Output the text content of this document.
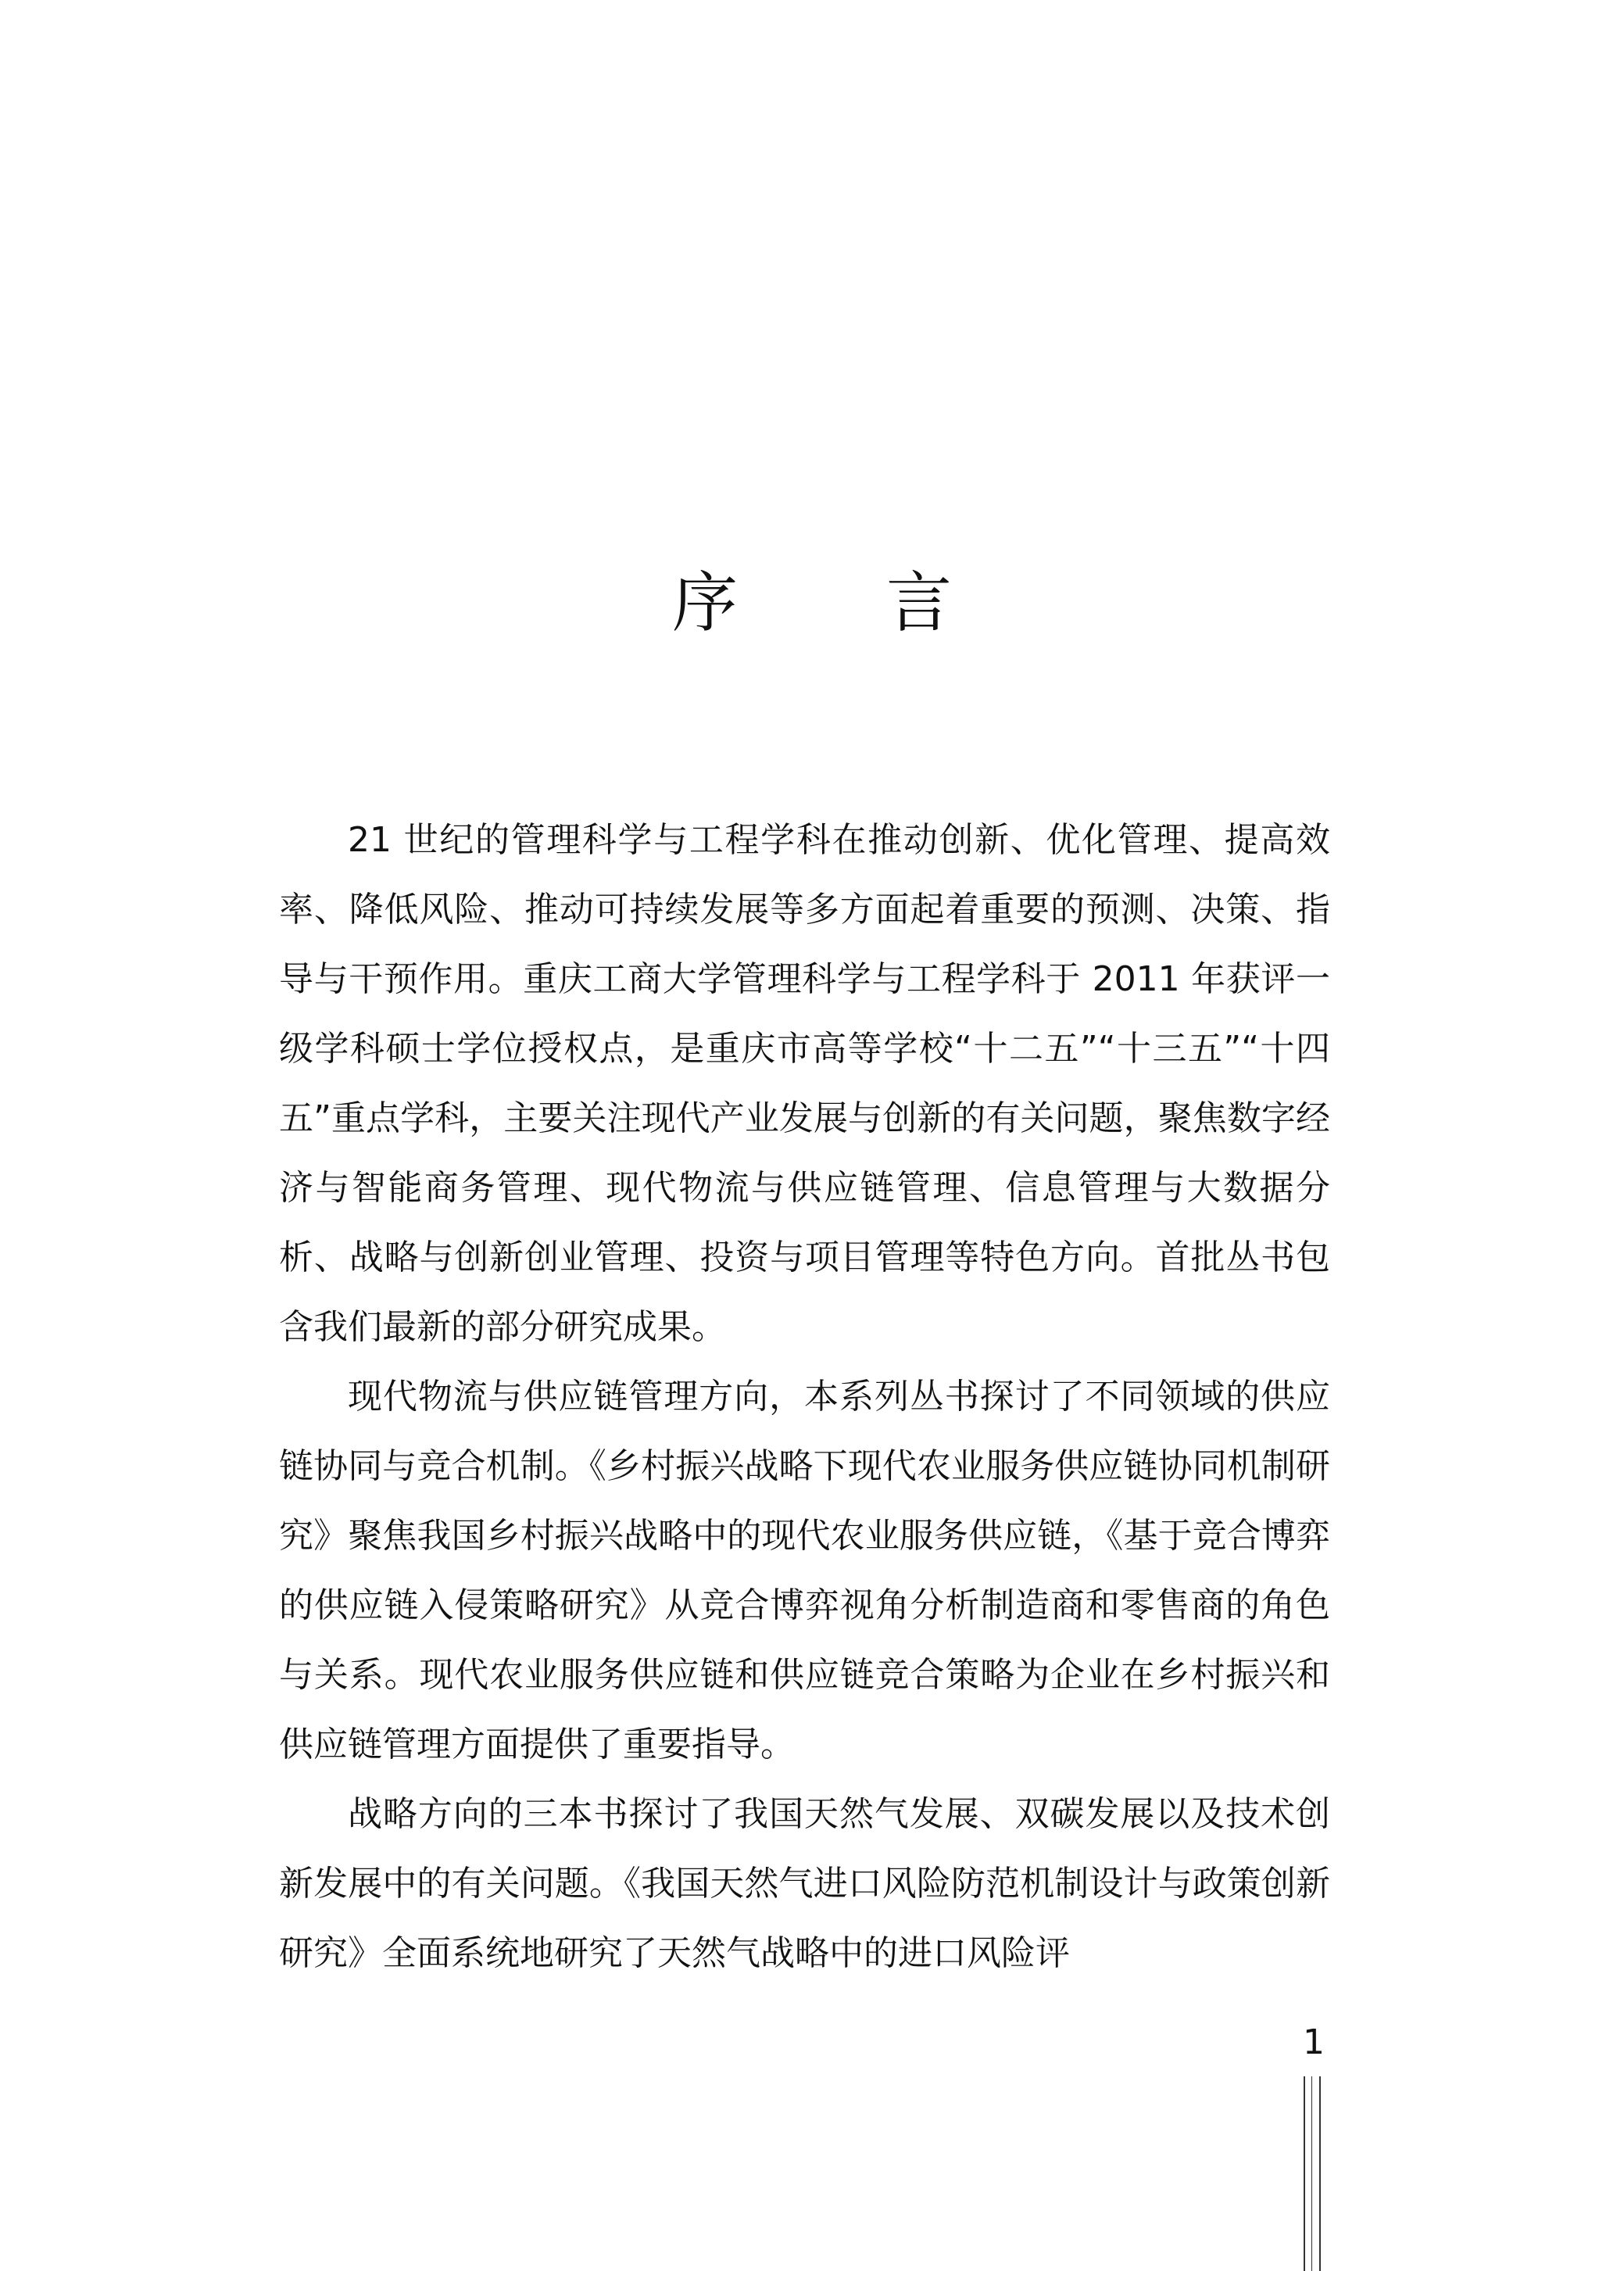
序 言

21 世纪的管理科学与工程学科在推动创新、优化管理、提高效率、降低风险、推动可持续发展等多方面起着重要的预测、决策、指导与干预作用。重庆工商大学管理科学与工程学科于 2011 年获评一级学科硕士学位授权点，是重庆市高等学校“十二五”“十三五”“十四五”重点学科，主要关注现代产业发展与创新的有关问题，聚焦数字经济与智能商务管理、现代物流与供应链管理、信息管理与大数据分析、战略与创新创业管理、投资与项目管理等特色方向。首批丛书包含我们最新的部分研究成果。

现代物流与供应链管理方向，本系列丛书探讨了不同领域的供应链协同与竞合机制。《乡村振兴战略下现代农业服务供应链协同机制研究》聚焦我国乡村振兴战略中的现代农业服务供应链，《基于竞合博弈的供应链入侵策略研究》从竞合博弈视角分析制造商和零售商的角色与关系。现代农业服务供应链和供应链竞合策略为企业在乡村振兴和供应链管理方面提供了重要指导。

战略方向的三本书探讨了我国天然气发展、双碳发展以及技术创新发展中的有关问题。《我国天然气进口风险防范机制设计与政策创新研究》全面系统地研究了天然气战略中的进口风险评

1
